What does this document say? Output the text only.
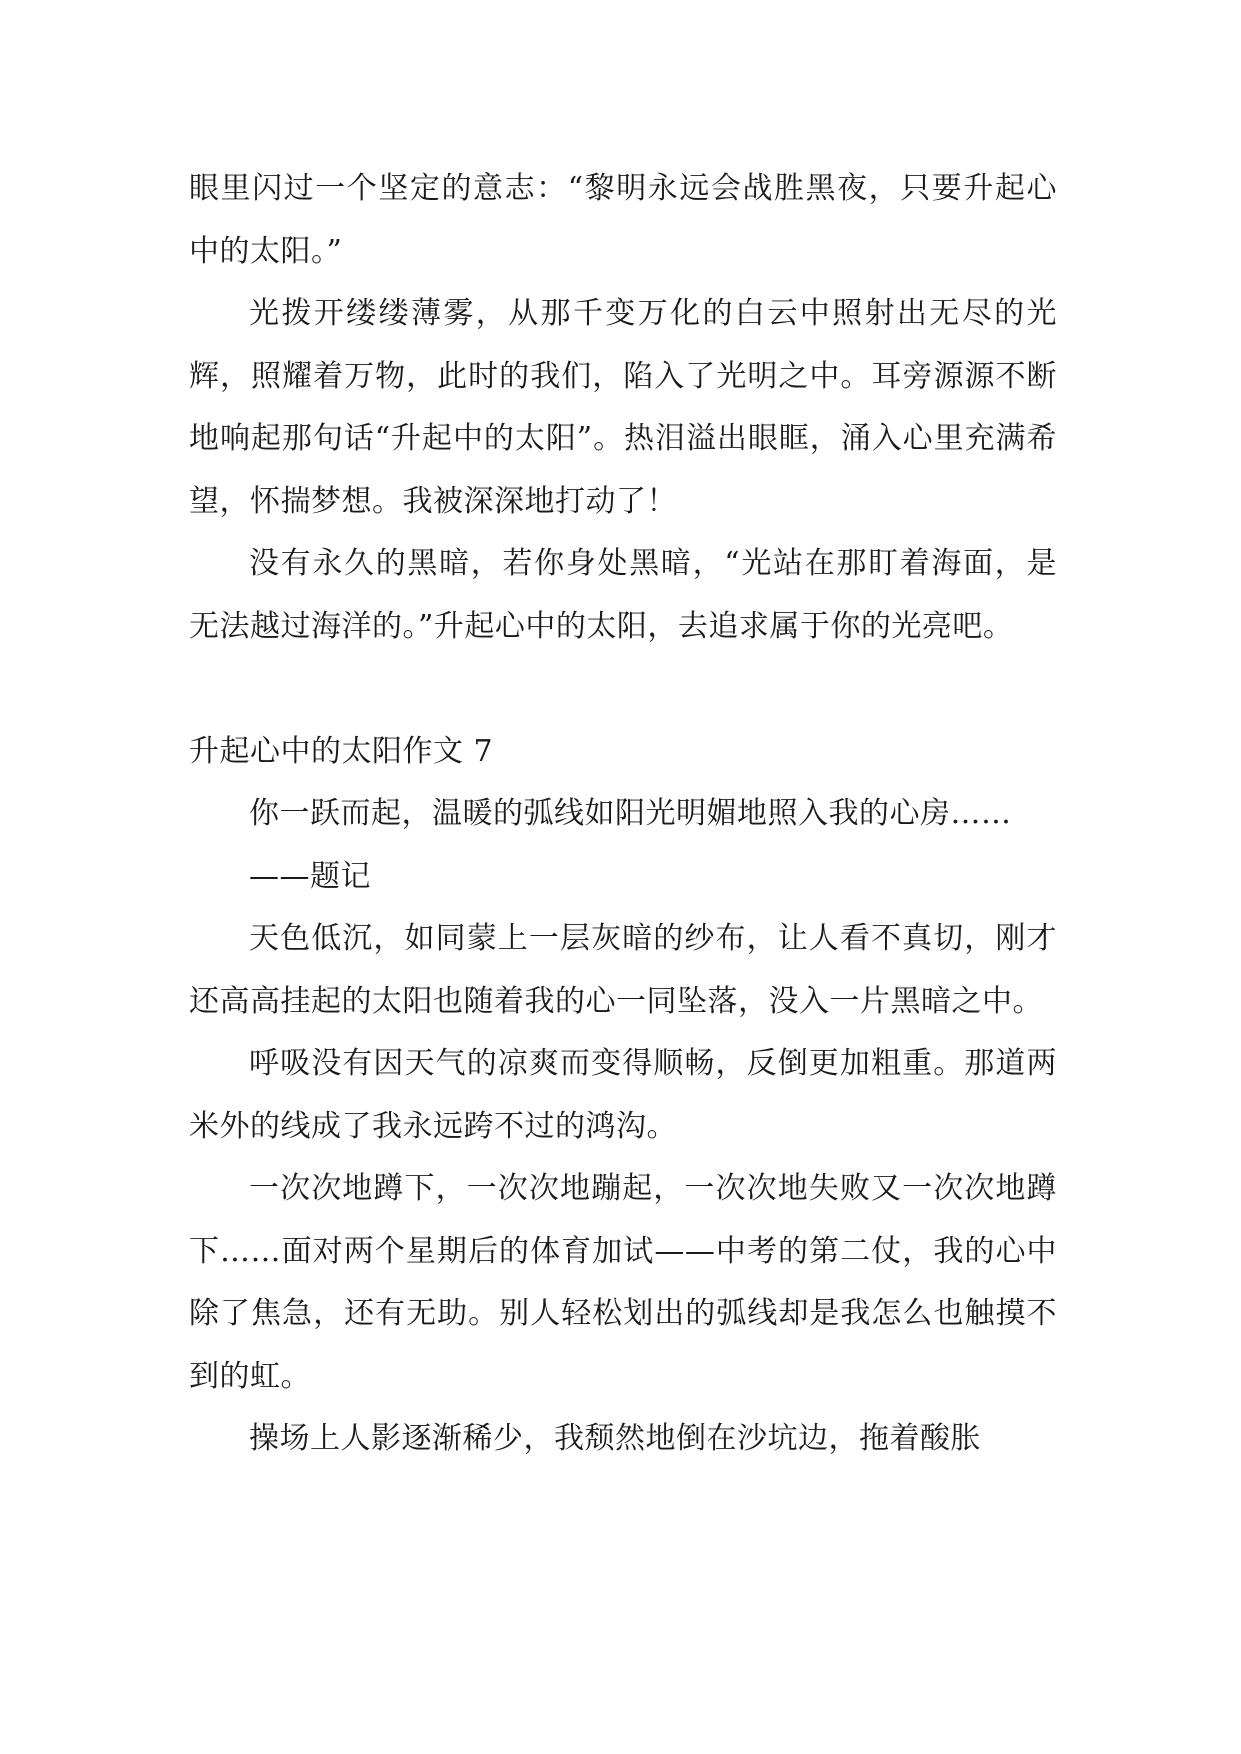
眼里闪过一个坚定的意志：“黎明永远会战胜黑夜，只要升起心中的太阳。”

光拨开缕缕薄雾，从那千变万化的白云中照射出无尽的光辉，照耀着万物，此时的我们，陷入了光明之中。耳旁源源不断地响起那句话“升起中的太阳”。热泪溢出眼眶，涌入心里充满希望，怀揣梦想。我被深深地打动了！

没有永久的黑暗，若你身处黑暗，“光站在那盯着海面，是无法越过海洋的。”升起心中的太阳，去追求属于你的光亮吧。

升起心中的太阳作文 7

你一跃而起，温暖的弧线如阳光明媚地照入我的心房……

——题记

天色低沉，如同蒙上一层灰暗的纱布，让人看不真切，刚才还高高挂起的太阳也随着我的心一同坠落，没入一片黑暗之中。

呼吸没有因天气的凉爽而变得顺畅，反倒更加粗重。那道两米外的线成了我永远跨不过的鸿沟。

一次次地蹲下，一次次地蹦起，一次次地失败又一次次地蹲下……面对两个星期后的体育加试——中考的第二仗，我的心中除了焦急，还有无助。别人轻松划出的弧线却是我怎么也触摸不到的虹。

操场上人影逐渐稀少，我颓然地倒在沙坑边，拖着酸胀
